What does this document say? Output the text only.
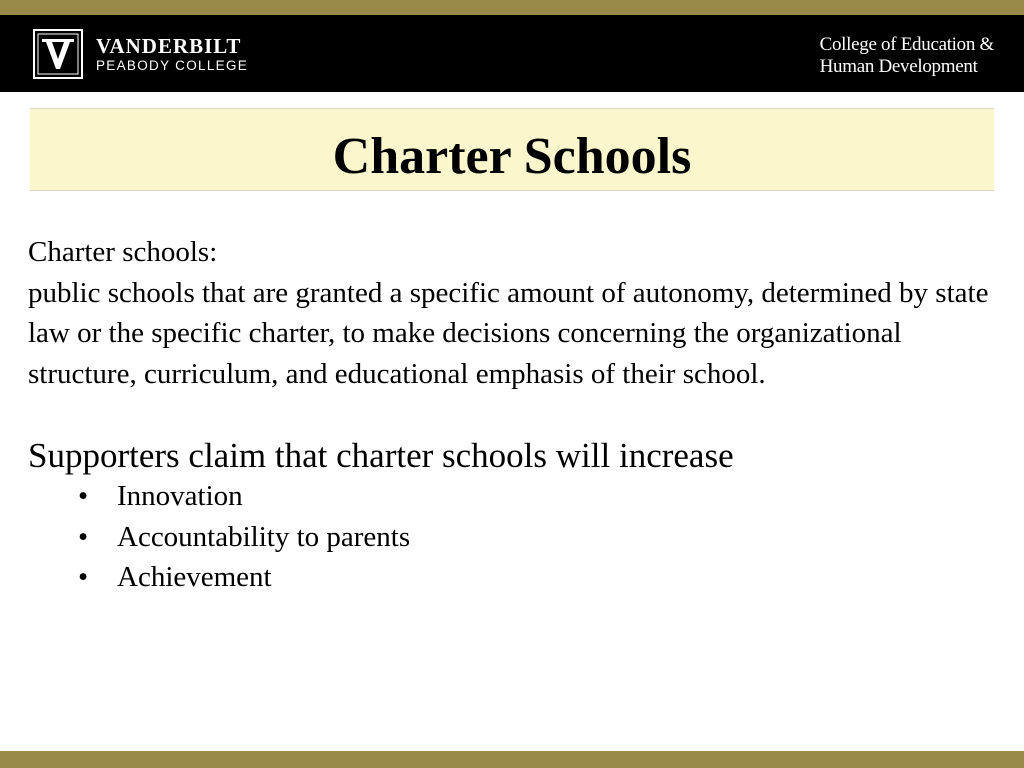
VANDERBILT
PEABODY COLLEGE
College of Education &
Human Development
Charter Schools

Charter schools:
public schools that are granted a specific amount of autonomy, determined by state law or the specific charter, to make decisions concerning the organizational structure, curriculum, and educational emphasis of their school.

Supporters claim that charter schools will increase

• Innovation
• Accountability to parents
• Achievement
